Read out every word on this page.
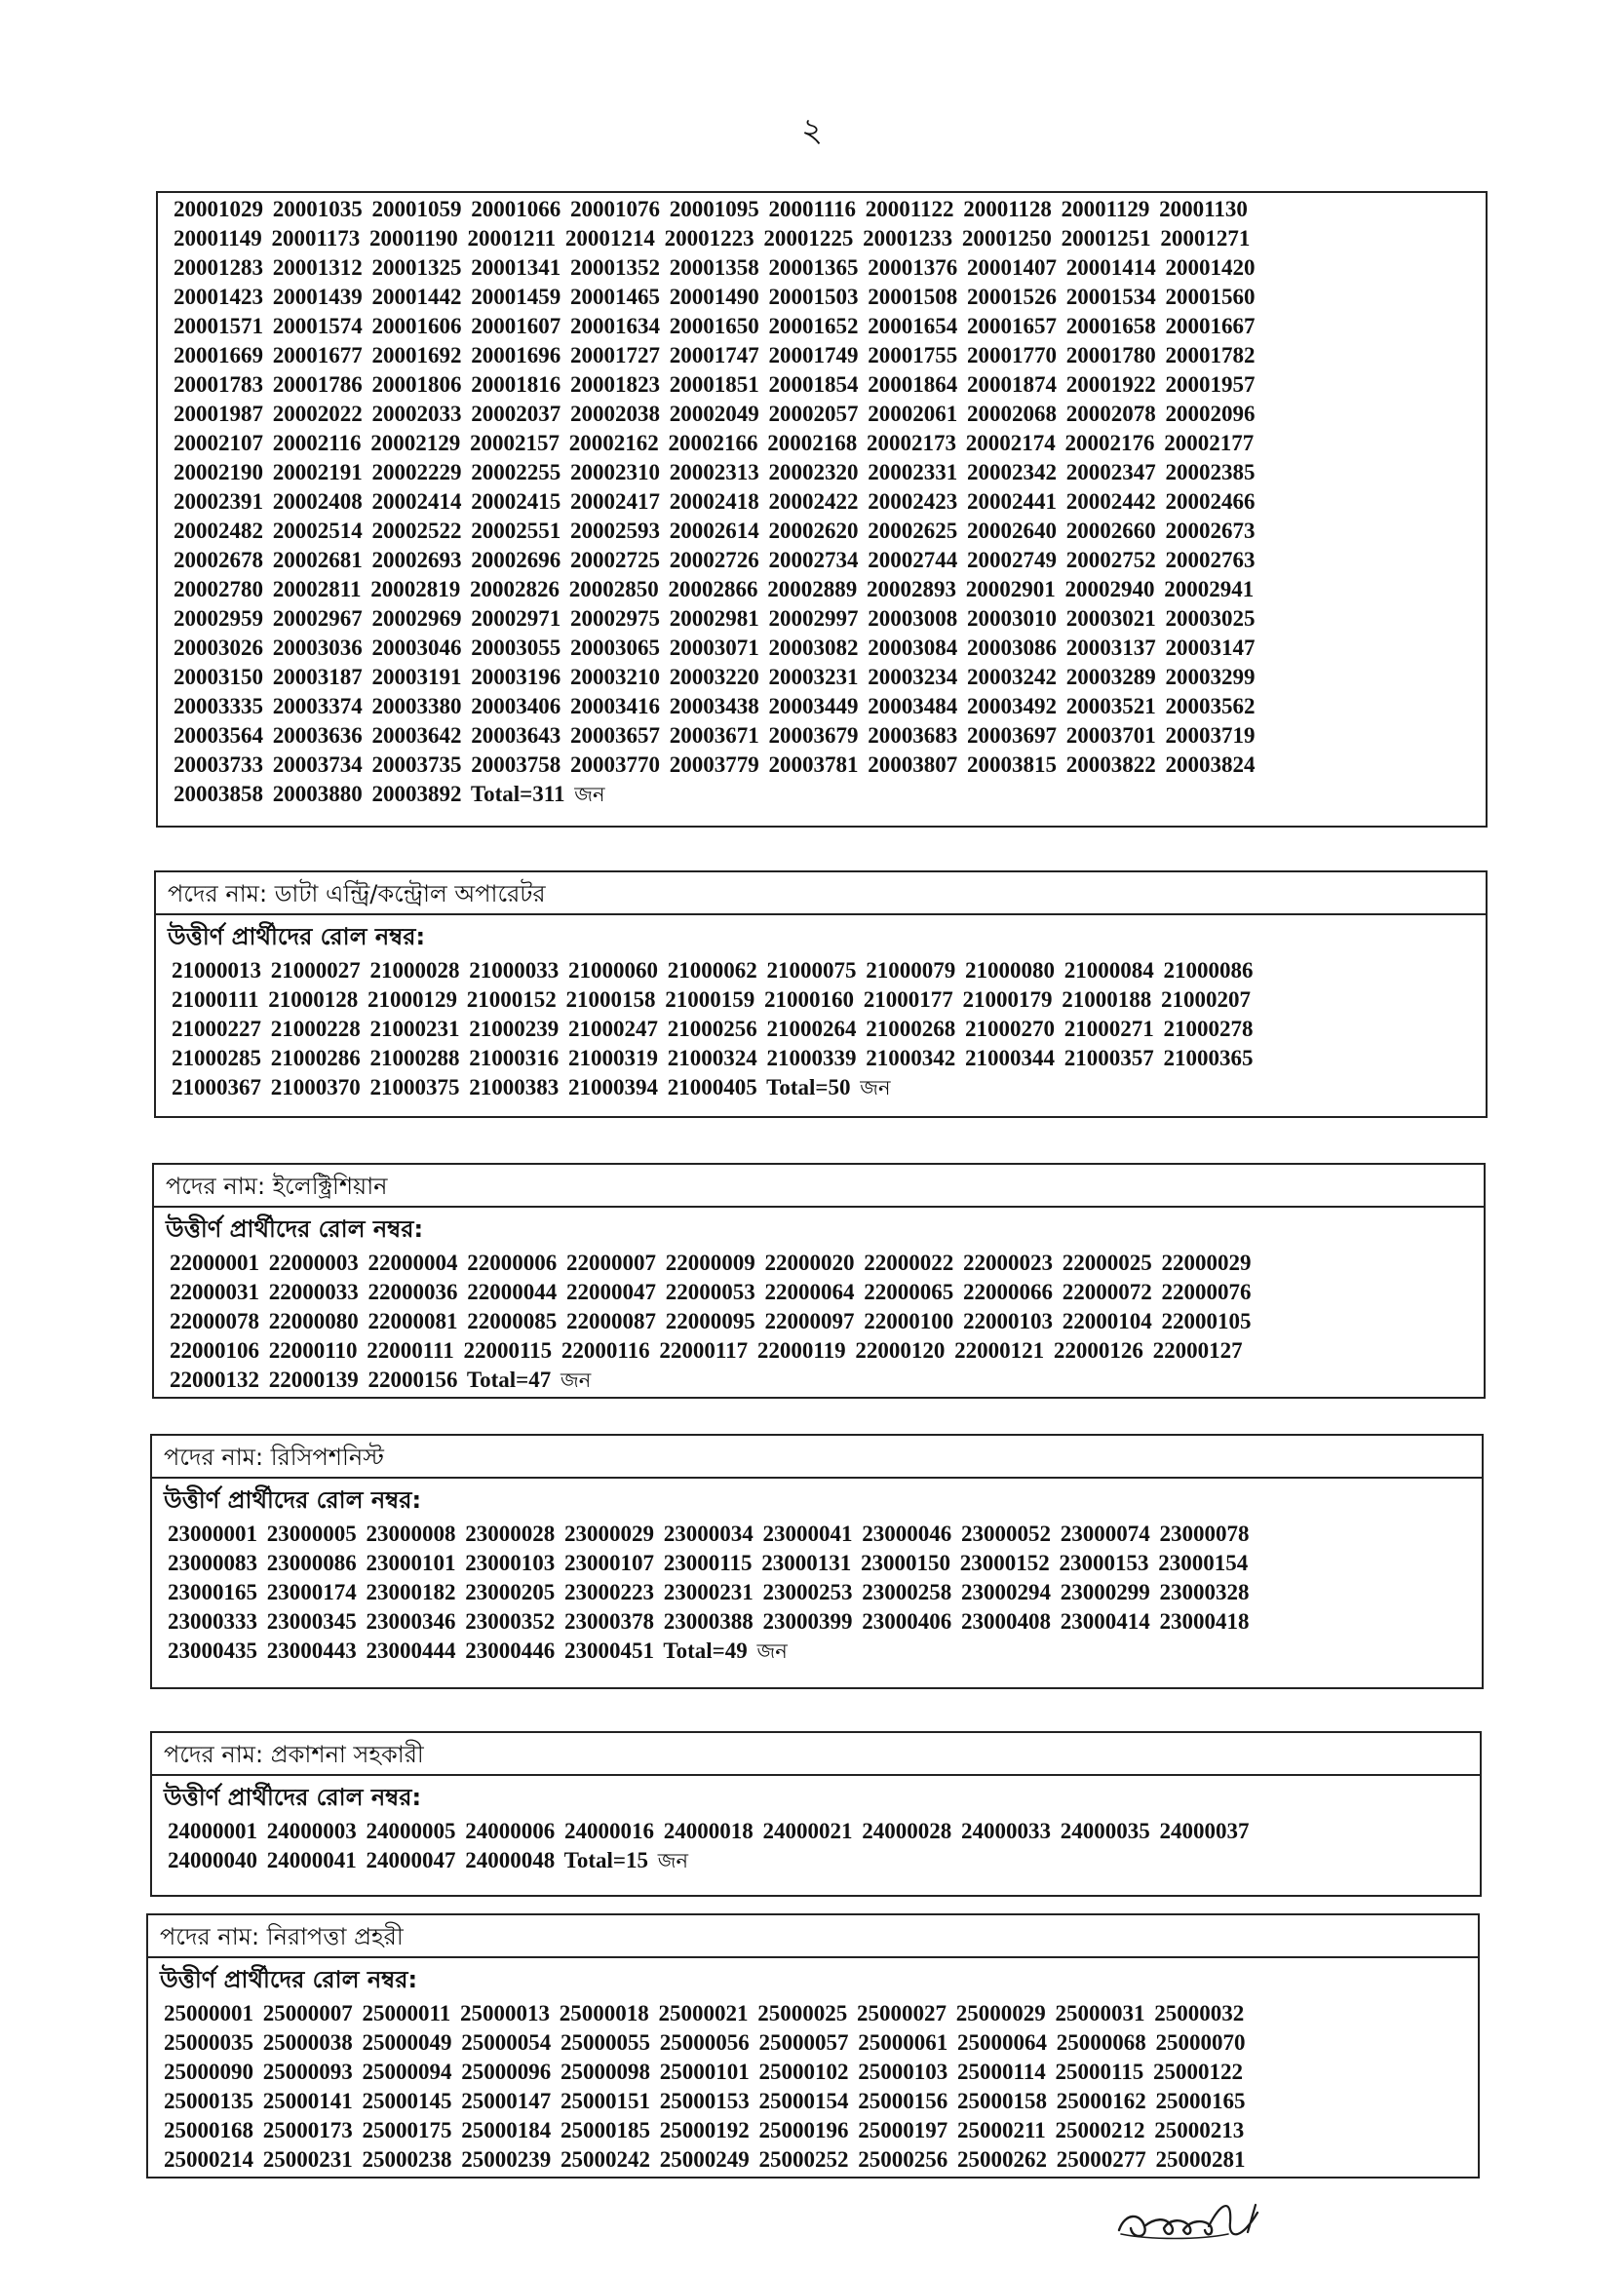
২
20001029 20001035 20001059 20001066 20001076 20001095 20001116 20001122 20001128 20001129 20001130
20001149 20001173 20001190 20001211 20001214 20001223 20001225 20001233 20001250 20001251 20001271
20001283 20001312 20001325 20001341 20001352 20001358 20001365 20001376 20001407 20001414 20001420
20001423 20001439 20001442 20001459 20001465 20001490 20001503 20001508 20001526 20001534 20001560
20001571 20001574 20001606 20001607 20001634 20001650 20001652 20001654 20001657 20001658 20001667
20001669 20001677 20001692 20001696 20001727 20001747 20001749 20001755 20001770 20001780 20001782
20001783 20001786 20001806 20001816 20001823 20001851 20001854 20001864 20001874 20001922 20001957
20001987 20002022 20002033 20002037 20002038 20002049 20002057 20002061 20002068 20002078 20002096
20002107 20002116 20002129 20002157 20002162 20002166 20002168 20002173 20002174 20002176 20002177
20002190 20002191 20002229 20002255 20002310 20002313 20002320 20002331 20002342 20002347 20002385
20002391 20002408 20002414 20002415 20002417 20002418 20002422 20002423 20002441 20002442 20002466
20002482 20002514 20002522 20002551 20002593 20002614 20002620 20002625 20002640 20002660 20002673
20002678 20002681 20002693 20002696 20002725 20002726 20002734 20002744 20002749 20002752 20002763
20002780 20002811 20002819 20002826 20002850 20002866 20002889 20002893 20002901 20002940 20002941
20002959 20002967 20002969 20002971 20002975 20002981 20002997 20003008 20003010 20003021 20003025
20003026 20003036 20003046 20003055 20003065 20003071 20003082 20003084 20003086 20003137 20003147
20003150 20003187 20003191 20003196 20003210 20003220 20003231 20003234 20003242 20003289 20003299
20003335 20003374 20003380 20003406 20003416 20003438 20003449 20003484 20003492 20003521 20003562
20003564 20003636 20003642 20003643 20003657 20003671 20003679 20003683 20003697 20003701 20003719
20003733 20003734 20003735 20003758 20003770 20003779 20003781 20003807 20003815 20003822 20003824
20003858 20003880 20003892 Total=311 জন
পদের নাম: ডাটা এন্ট্রি/কন্ট্রোল অপারেটর
উত্তীর্ণ প্রার্থীদের রোল নম্বর:
21000013 21000027 21000028 21000033 21000060 21000062 21000075 21000079 21000080 21000084 21000086
21000111 21000128 21000129 21000152 21000158 21000159 21000160 21000177 21000179 21000188 21000207
21000227 21000228 21000231 21000239 21000247 21000256 21000264 21000268 21000270 21000271 21000278
21000285 21000286 21000288 21000316 21000319 21000324 21000339 21000342 21000344 21000357 21000365
21000367 21000370 21000375 21000383 21000394 21000405 Total=50 জন
পদের নাম: ইলেক্ট্রিশিয়ান
উত্তীর্ণ প্রার্থীদের রোল নম্বর:
22000001 22000003 22000004 22000006 22000007 22000009 22000020 22000022 22000023 22000025 22000029
22000031 22000033 22000036 22000044 22000047 22000053 22000064 22000065 22000066 22000072 22000076
22000078 22000080 22000081 22000085 22000087 22000095 22000097 22000100 22000103 22000104 22000105
22000106 22000110 22000111 22000115 22000116 22000117 22000119 22000120 22000121 22000126 22000127
22000132 22000139 22000156 Total=47 জন
পদের নাম: রিসিপশনিস্ট
উত্তীর্ণ প্রার্থীদের রোল নম্বর:
23000001 23000005 23000008 23000028 23000029 23000034 23000041 23000046 23000052 23000074 23000078
23000083 23000086 23000101 23000103 23000107 23000115 23000131 23000150 23000152 23000153 23000154
23000165 23000174 23000182 23000205 23000223 23000231 23000253 23000258 23000294 23000299 23000328
23000333 23000345 23000346 23000352 23000378 23000388 23000399 23000406 23000408 23000414 23000418
23000435 23000443 23000444 23000446 23000451 Total=49 জন
পদের নাম: প্রকাশনা সহকারী
উত্তীর্ণ প্রার্থীদের রোল নম্বর:
24000001 24000003 24000005 24000006 24000016 24000018 24000021 24000028 24000033 24000035 24000037
24000040 24000041 24000047 24000048 Total=15 জন
পদের নাম: নিরাপত্তা প্রহরী
উত্তীর্ণ প্রার্থীদের রোল নম্বর:
25000001 25000007 25000011 25000013 25000018 25000021 25000025 25000027 25000029 25000031 25000032
25000035 25000038 25000049 25000054 25000055 25000056 25000057 25000061 25000064 25000068 25000070
25000090 25000093 25000094 25000096 25000098 25000101 25000102 25000103 25000114 25000115 25000122
25000135 25000141 25000145 25000147 25000151 25000153 25000154 25000156 25000158 25000162 25000165
25000168 25000173 25000175 25000184 25000185 25000192 25000196 25000197 25000211 25000212 25000213
25000214 25000231 25000238 25000239 25000242 25000249 25000252 25000256 25000262 25000277 25000281
